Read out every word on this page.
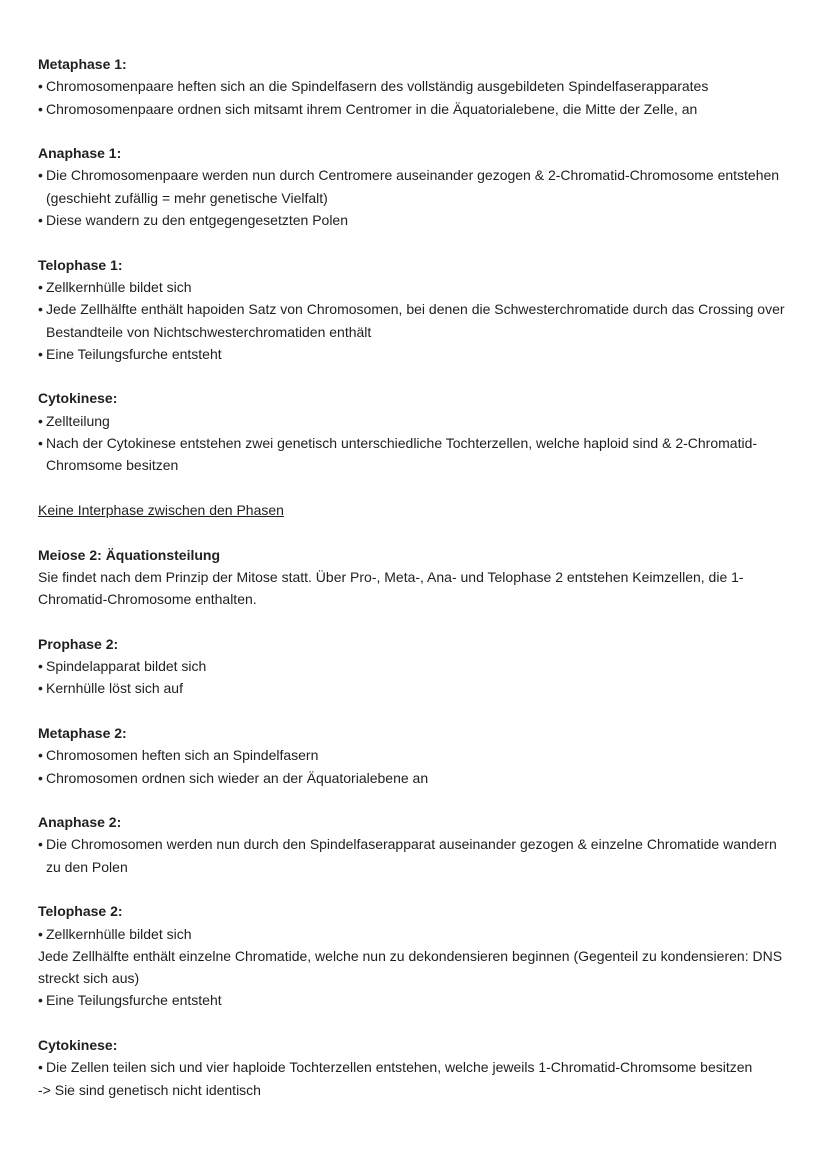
Metaphase 1:
• Chromosomenpaare heften sich an die Spindelfasern des vollständig ausgebildeten Spindelfaserapparates
• Chromosomenpaare ordnen sich mitsamt ihrem Centromer in die Äquatorialebene, die Mitte der Zelle, an
Anaphase 1:
• Die Chromosomenpaare werden nun durch Centromere auseinander gezogen & 2-Chromatid-Chromosome entstehen (geschieht zufällig = mehr genetische Vielfalt)
• Diese wandern zu den entgegengesetzten Polen
Telophase 1:
• Zellkernhülle bildet sich
• Jede Zellhälfte enthält hapoiden Satz von Chromosomen, bei denen die Schwesterchromatide durch das Crossing over Bestandteile von Nichtschwesterchromatiden enthält
• Eine Teilungsfurche entsteht
Cytokinese:
• Zellteilung
• Nach der Cytokinese entstehen zwei genetisch unterschiedliche Tochterzellen, welche haploid sind & 2-Chromatid-Chromsome besitzen
Keine Interphase zwischen den Phasen
Meiose 2: Äquationsteilung
Sie findet nach dem Prinzip der Mitose statt. Über Pro-, Meta-, Ana- und Telophase 2 entstehen Keimzellen, die 1-Chromatid-Chromosome enthalten.
Prophase 2:
• Spindelapparat bildet sich
• Kernhülle löst sich auf
Metaphase 2:
• Chromosomen heften sich an Spindelfasern
• Chromosomen ordnen sich wieder an der Äquatorialebene an
Anaphase 2:
• Die Chromosomen werden nun durch den Spindelfaserapparat auseinander gezogen & einzelne Chromatide wandern zu den Polen
Telophase 2:
• Zellkernhülle bildet sich
Jede Zellhälfte enthält einzelne Chromatide, welche nun zu dekondensieren beginnen (Gegenteil zu kondensieren: DNS streckt sich aus)
• Eine Teilungsfurche entsteht
Cytokinese:
• Die Zellen teilen sich und vier haploide Tochterzellen entstehen, welche jeweils 1-Chromatid-Chromsome besitzen
-> Sie sind genetisch nicht identisch
